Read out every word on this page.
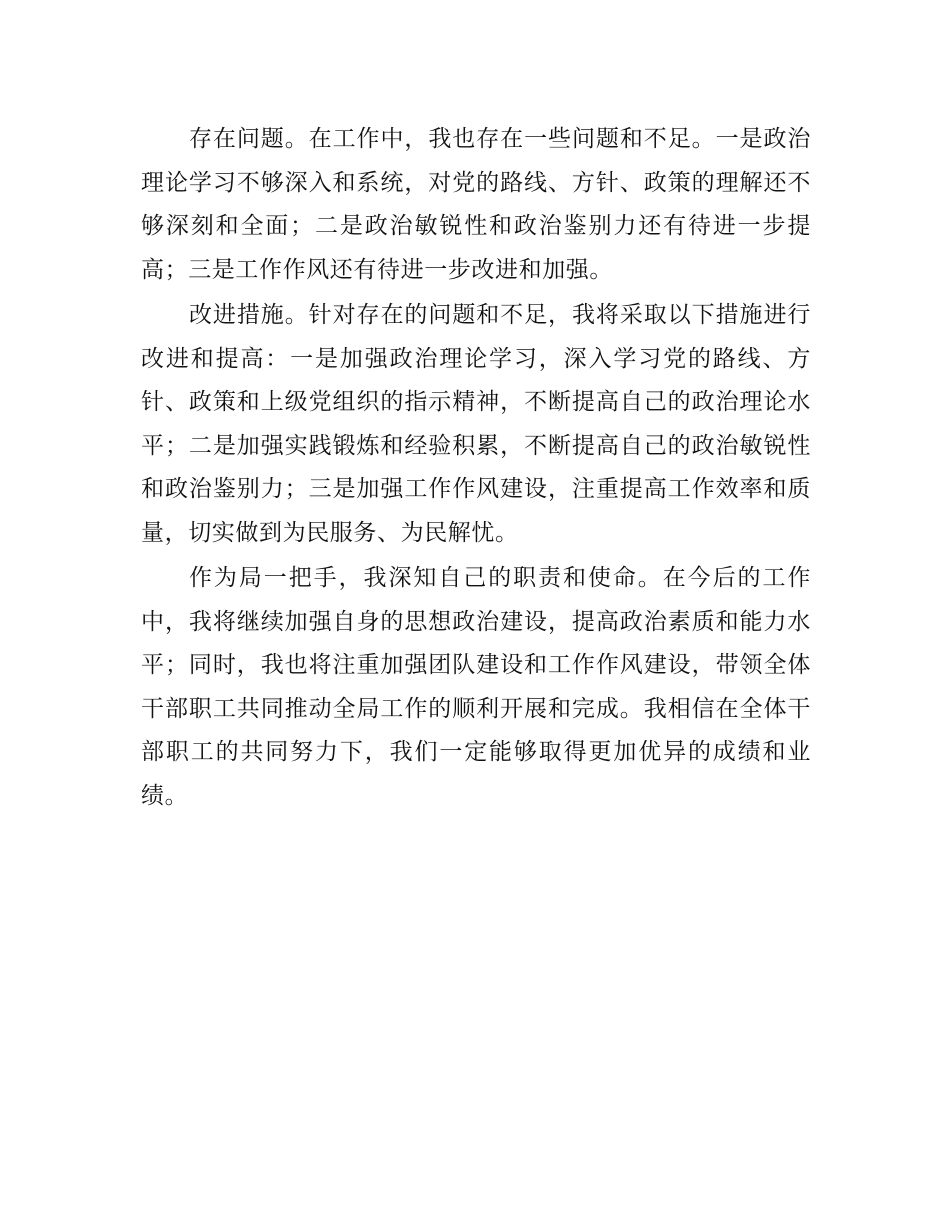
存在问题。在工作中，我也存在一些问题和不足。一是政治理论学习不够深入和系统，对党的路线、方针、政策的理解还不够深刻和全面；二是政治敏锐性和政治鉴别力还有待进一步提高；三是工作作风还有待进一步改进和加强。

改进措施。针对存在的问题和不足，我将采取以下措施进行改进和提高：一是加强政治理论学习，深入学习党的路线、方针、政策和上级党组织的指示精神，不断提高自己的政治理论水平；二是加强实践锻炼和经验积累，不断提高自己的政治敏锐性和政治鉴别力；三是加强工作作风建设，注重提高工作效率和质量，切实做到为民服务、为民解忧。

作为局一把手，我深知自己的职责和使命。在今后的工作中，我将继续加强自身的思想政治建设，提高政治素质和能力水平；同时，我也将注重加强团队建设和工作作风建设，带领全体干部职工共同推动全局工作的顺利开展和完成。我相信在全体干部职工的共同努力下，我们一定能够取得更加优异的成绩和业绩。
